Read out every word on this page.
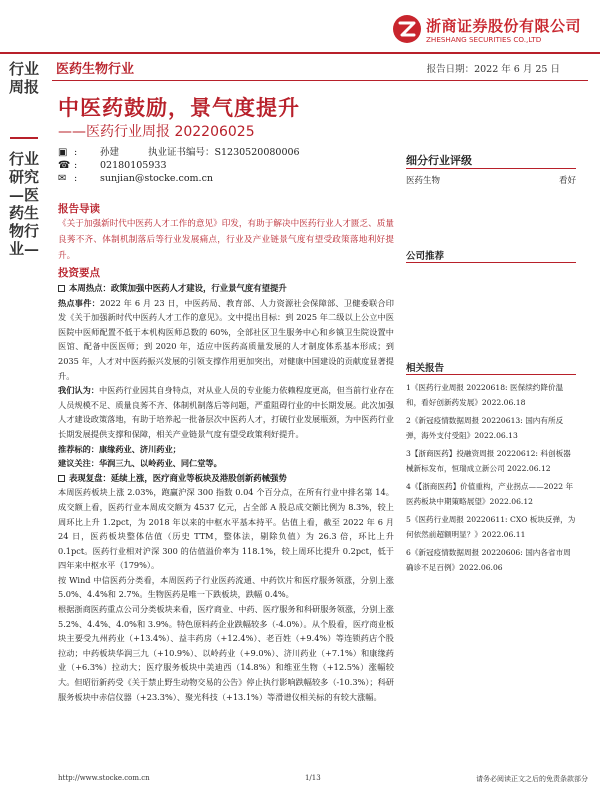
浙商证券股份有限公司
ZHESHANG SECURITIES CO.,LTD
行业周报
行业研究—医药生物行业—
医药生物行业	报告日期：2022 年 6 月 25 日
中医药鼓励，景气度提升
——医药行业周报 202206025
▣ :	孙建	执业证书编号：S1230520080006
☎ :	02180105933
✉ :	sunjian@stocke.com.cn
细分行业评级
医药生物	看好
公司推荐
相关报告
1《医药行业周报 20220618: 医保续约降价温和，看好创新药发展》2022.06.18
2《新冠疫情数据周报 20220613: 国内有所反弹，海外支付受阻》2022.06.13
3【浙商医药】投融资周报 20220612: 科创板器械新标发布，恒瑞成立新公司 2022.06.12
4《【浙商医药】价值重构，产业拐点——2022 年医药板块中期策略展望》2022.06.12
5《医药行业周报 20220611: CXO 板块反弹，为何依然前超额明显？》2022.06.11
6《新冠疫情数据周报 20220606: 国内各省市周确诊不足百例》2022.06.06
报告导读
《关于加强新时代中医药人才工作的意见》印发，有助于解决中医药行业人才匮乏、质量良莠不齐、体制机制落后等行业发展痛点，行业及产业链景气度有望受政策落地利好提升。
投资要点
本周热点：政策加强中医药人才建设，行业景气度有望提升
热点事件：2022 年 6 月 23 日，中医药局、教育部、人力资源社会保障部、卫健委联合印发《关于加强新时代中医药人才工作的意见》。文中提出目标：到 2025 年二级以上公立中医医院中医师配置不低于本机构医师总数的 60%，全部社区卫生服务中心和乡镇卫生院设置中医馆、配备中医医师；到 2020 年，适应中医药高质量发展的人才制度体系基本形成；到 2035 年，人才对中医药振兴发展的引领支撑作用更加突出，对健康中国建设的贡献度显著提升。
我们认为：中医药行业因其自身特点，对从业人员的专业能力依赖程度更高，但当前行业存在人员规模不足、质量良莠不齐、体制机制落后等问题，严重阻碍行业的中长期发展。此次加强人才建设政策落地，有助于培养起一批备层次中医药人才，打破行业发展瓶颈，为中医药行业长期发展提供支撑和保障，相关产业链景气度有望受政策利好提升。
推荐标的：康缘药业、济川药业；
建议关注：华润三九、以岭药业、同仁堂等。
表现复盘：延续上涨，医疗商业等板块及港股创新药械强势
本周医药板块上涨 2.03%，跑赢沪深 300 指数 0.04 个百分点，在所有行业中排名第 14。成交额上看，医药行业本周成交额为 4537 亿元，占全部 A 股总成交额比例为 8.3%，较上周环比上升 1.2pct，为 2018 年以来的中枢水平基本持平。估值上看，截至 2022 年 6 月 24 日，医药板块整体估值（历史 TTM，整体法，剔除负值）为 26.3 倍，环比上升 0.1pct。医药行业相对沪深 300 的估值溢价率为 118.1%，较上周环比提升 0.2pct，低于四年来中枢水平（179%）。
按 Wind 中信医药分类看，本周医药子行业医药流通、中药饮片和医疗服务领涨，分别上涨 5.0%、4.4%和 2.7%。生物医药是唯一下跌板块，跌幅 0.4%。
根据浙商医药重点公司分类板块来看，医疗商业、中药、医疗服务和科研服务领涨，分别上涨 5.2%、4.4%、4.0%和 3.9%。特色原料药企业跌幅较多（-4.0%）。从个股看，医疗商业板块主要受九州药业（+13.4%）、益丰药房（+12.4%）、老百姓（+9.4%）等连锁药店个股拉动；中药板块华润三九（+10.9%）、以岭药业（+9.0%）、济川药业（+7.1%）和康缘药业（+6.3%）拉动大；医疗服务板块中美迪西（14.8%）和维亚生物（+12.5%）涨幅较大。但昭衍新药受《关于禁止野生动物交易的公告》停止执行影响跌幅较多（-10.3%）；科研服务板块中赤信仪器（+23.3%）、聚光科技（+13.1%）等滑谱仪相关标的有较大涨幅。
http://www.stocke.com.cn	1/13	请务必阅读正文之后的免责条款部分
